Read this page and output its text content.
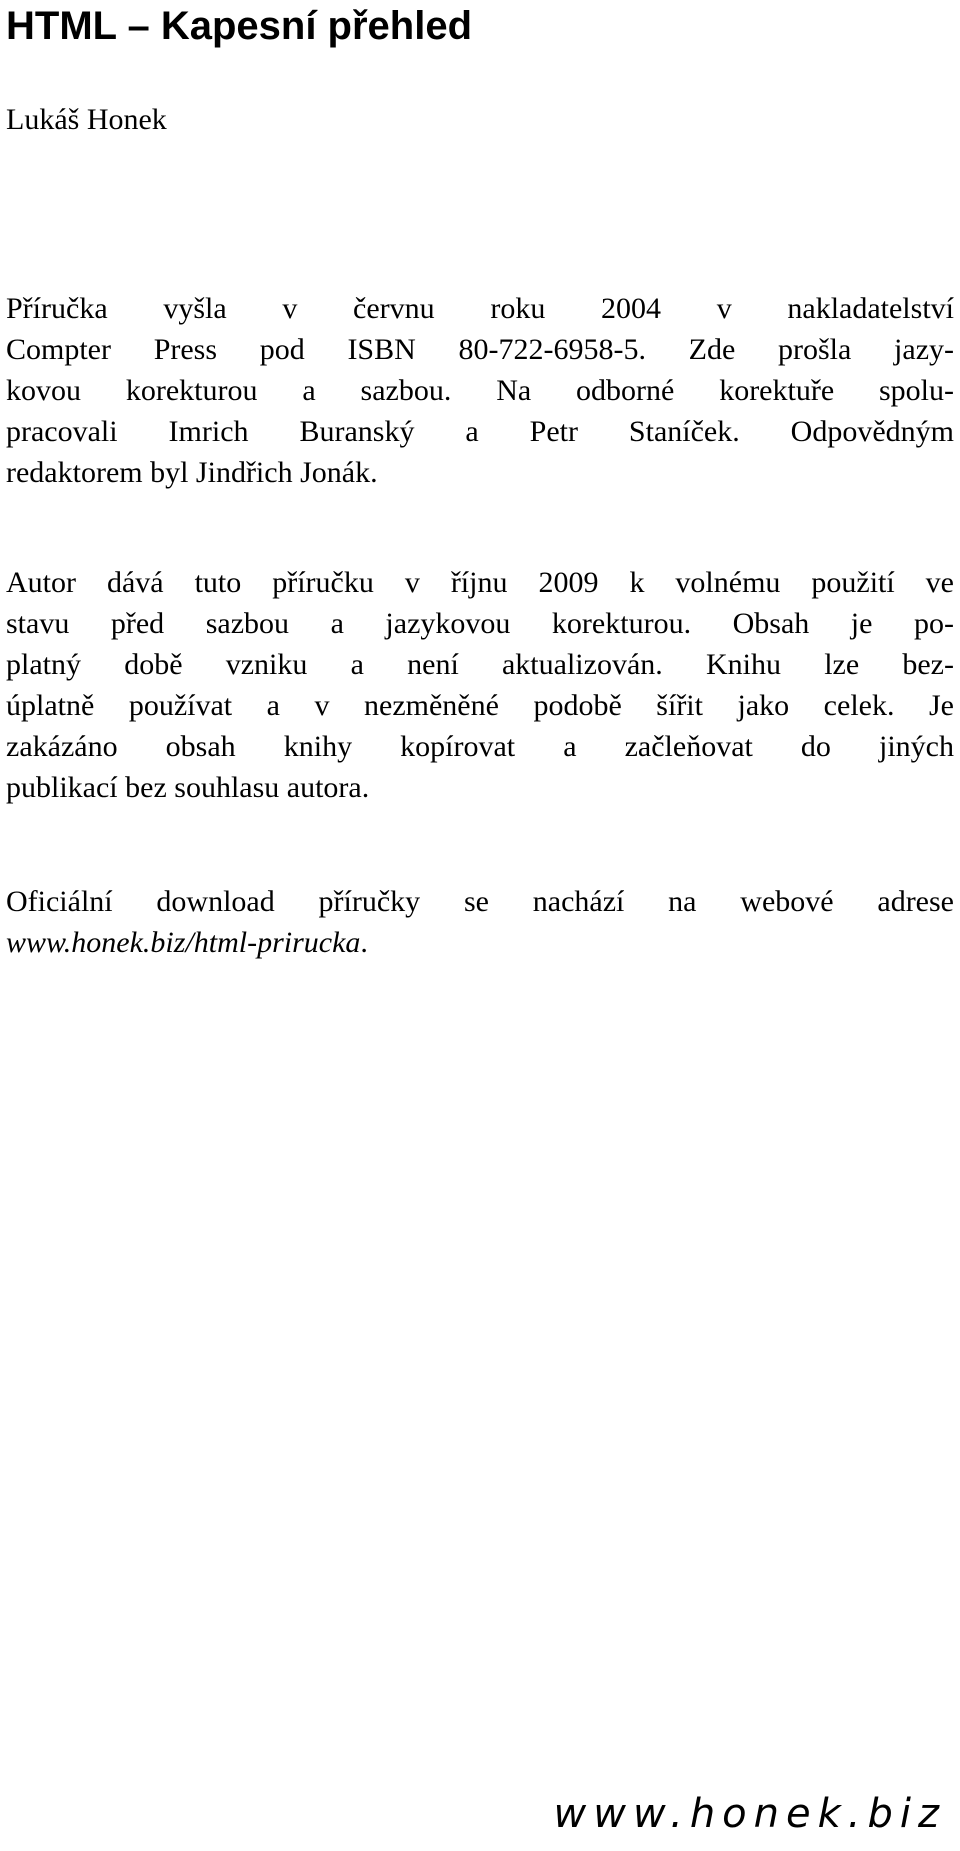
HTML – Kapesní přehled

Lukáš Honek

Příručka vyšla v červnu roku 2004 v nakladatelství
Compter Press pod ISBN 80-722-6958-5. Zde prošla jazy-
kovou korekturou a sazbou. Na odborné korektuře spolu-
pracovali Imrich Buranský a Petr Staníček. Odpovědným
redaktorem byl Jindřich Jonák.
Autor dává tuto příručku v říjnu 2009 k volnému použití ve
stavu před sazbou a jazykovou korekturou. Obsah je po-
platný době vzniku a není aktualizován. Knihu lze bez-
úplatně používat a v nezměněné podobě šířit jako celek. Je
zakázáno obsah knihy kopírovat a začleňovat do jiných
publikací bez souhlasu autora.
Oficiální download příručky se nachází na webové adrese
www.honek.biz/html-prirucka.

www.honek.biz
